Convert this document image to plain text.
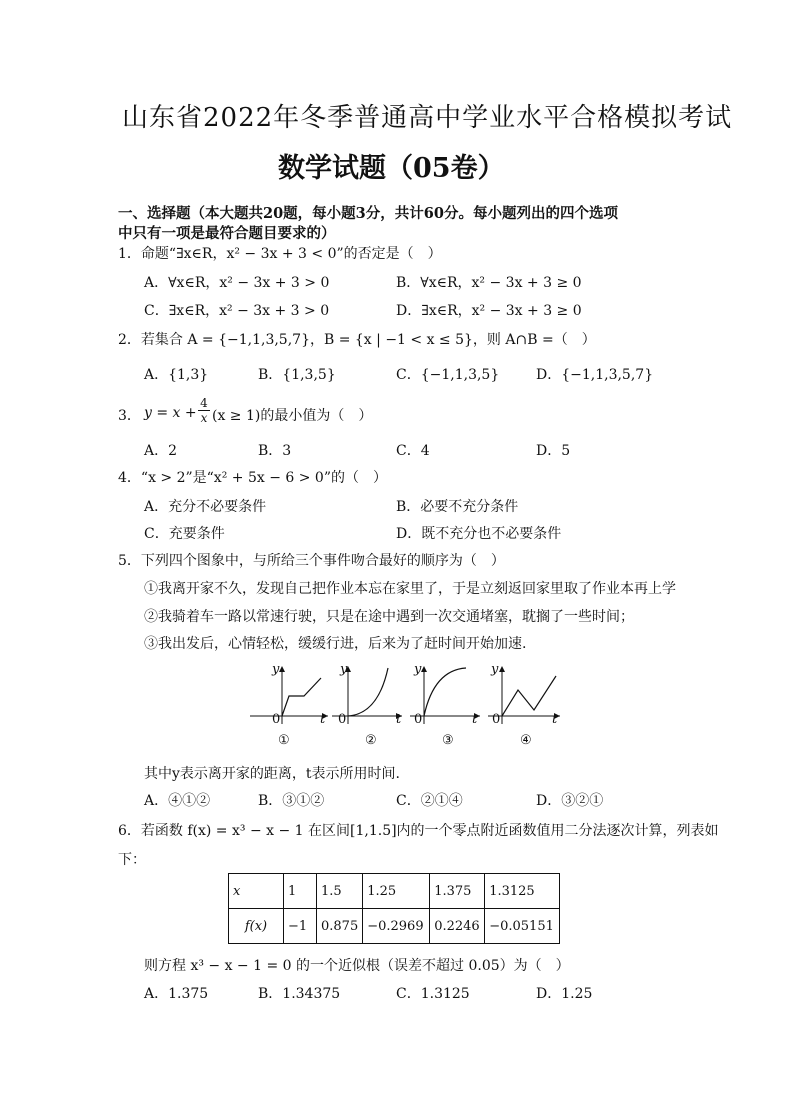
山东省2022年冬季普通高中学业水平合格模拟考试
数学试题（05卷）
一、选择题（本大题共20题，每小题3分，共计60分。每小题列出的四个选项
中只有一项是最符合题目要求的）
1．命题“∃x∈R，x² − 3x + 3 < 0”的否定是（　）
A．∀x∈R，x² − 3x + 3 > 0	B．∀x∈R，x² − 3x + 3 ≥ 0
C．∃x∈R，x² − 3x + 3 > 0	D．∃x∈R，x² − 3x + 3 ≥ 0
2．若集合 A = {−1,1,3,5,7}，B = {x | −1 < x ≤ 5}，则 A∩B =（　）
A．{1,3}	B．{1,3,5}	C．{−1,1,3,5}	D．{−1,1,3,5,7}
3． $y = x + \frac{4}{x} (x \ge 1)$的最小值为（　）
A．2	B．3	C．4	D．5
4．“x > 2”是“x² + 5x − 6 > 0”的（　）
A．充分不必要条件	B．必要不充分条件
C．充要条件	D．既不充分也不必要条件
5．下列四个图象中，与所给三个事件吻合最好的顺序为（　）
①我离开家不久，发现自己把作业本忘在家里了，于是立刻返回家里取了作业本再上学
②我骑着车一路以常速行驶，只是在途中遇到一次交通堵塞，耽搁了一些时间；
③我出发后，心情轻松，缓缓行进，后来为了赶时间开始加速.
y
t
0
①
y
t
0
②
y
t
0
③
y
t
0
④
其中y表示离开家的距离，t表示所用时间.
A．④①②	B．③①②	C．②①④	D．③②①
6．若函数 f(x) = x³ − x − 1 在区间[1,1.5]内的一个零点附近函数值用二分法逐次计算，列表如
下：
x	1	1.5	1.25	1.375	1.3125
f(x)	−1	0.875	−0.2969	0.2246	−0.05151
则方程 x³ − x − 1 = 0 的一个近似根（误差不超过 0.05）为（　）
A．1.375	B．1.34375	C．1.3125	D．1.25
